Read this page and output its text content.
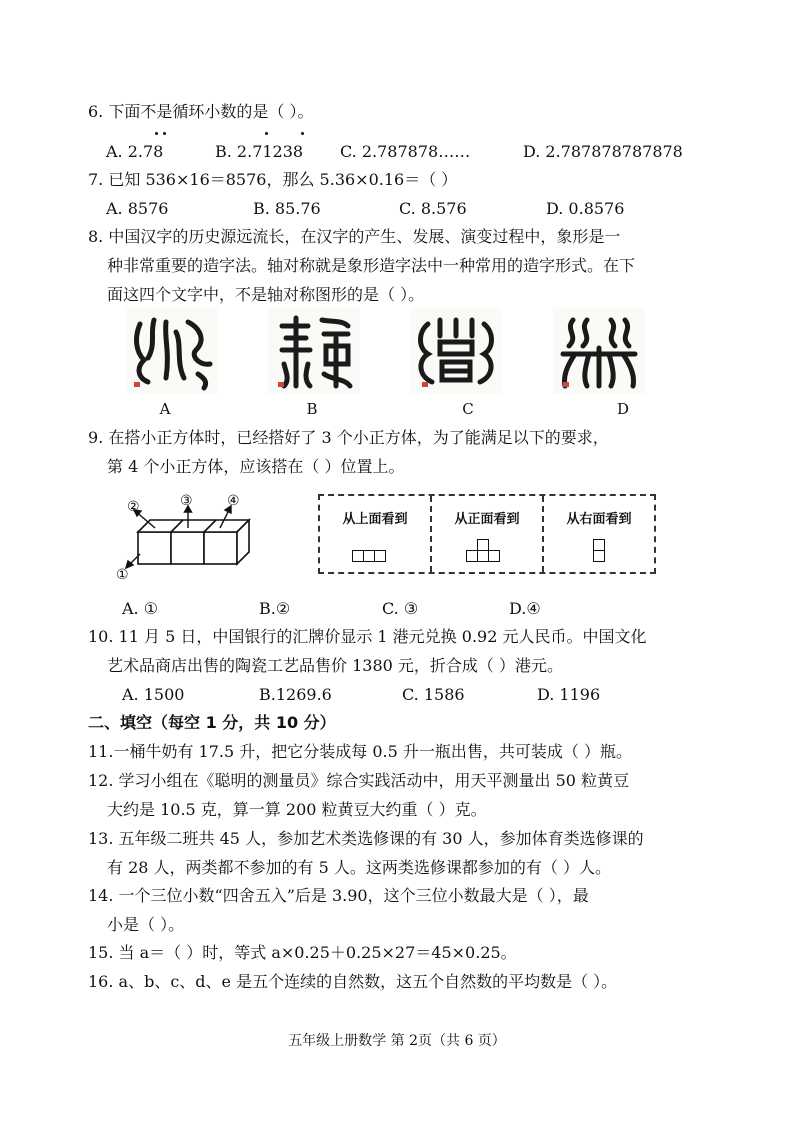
6. 下面不是循环小数的是（ ）。
A. 2.78	B. 2.71238 C. 2.787878……	D. 2.787878787878
7. 已知 536×16＝8576，那么 5.36×0.16＝（ ）
A. 8576	B. 85.76	C. 8.576	D. 0.8576
8. 中国汉字的历史源远流长，在汉字的产生、发展、演变过程中，象形是一
种非常重要的造字法。轴对称就是象形造字法中一种常用的造字形式。在下
面这四个文字中，不是轴对称图形的是（ ）。
A	B	C	D
9. 在搭小正方体时，已经搭好了 3 个小正方体，为了能满足以下的要求，
第 4 个小正方体，应该搭在（ ）位置上。
②	③ ④
①
从上面看到	从正面看到	从右面看到
A. ①	B.②	C. ③	D.④
10. 11 月 5 日，中国银行的汇牌价显示 1 港元兑换 0.92 元人民币。中国文化
艺术品商店出售的陶瓷工艺品售价 1380 元，折合成（ ）港元。
A. 1500	B.1269.6	C. 1586	D. 1196
二、填空（每空 1 分，共 10 分）
11.一桶牛奶有 17.5 升，把它分装成每 0.5 升一瓶出售，共可装成（ ）瓶。
12. 学习小组在《聪明的测量员》综合实践活动中，用天平测量出 50 粒黄豆
大约是 10.5 克，算一算 200 粒黄豆大约重（ ）克。
13. 五年级二班共 45 人，参加艺术类选修课的有 30 人，参加体育类选修课的
有 28 人，两类都不参加的有 5 人。这两类选修课都参加的有（ ）人。
14. 一个三位小数“四舍五入”后是 3.90，这个三位小数最大是（ ），最
小是（ ）。
15. 当 a＝（ ）时，等式 a×0.25＋0.25×27＝45×0.25。
16. a、b、c、d、e 是五个连续的自然数，这五个自然数的平均数是（ ）。
五年级上册数学 第 2页（共 6 页）
